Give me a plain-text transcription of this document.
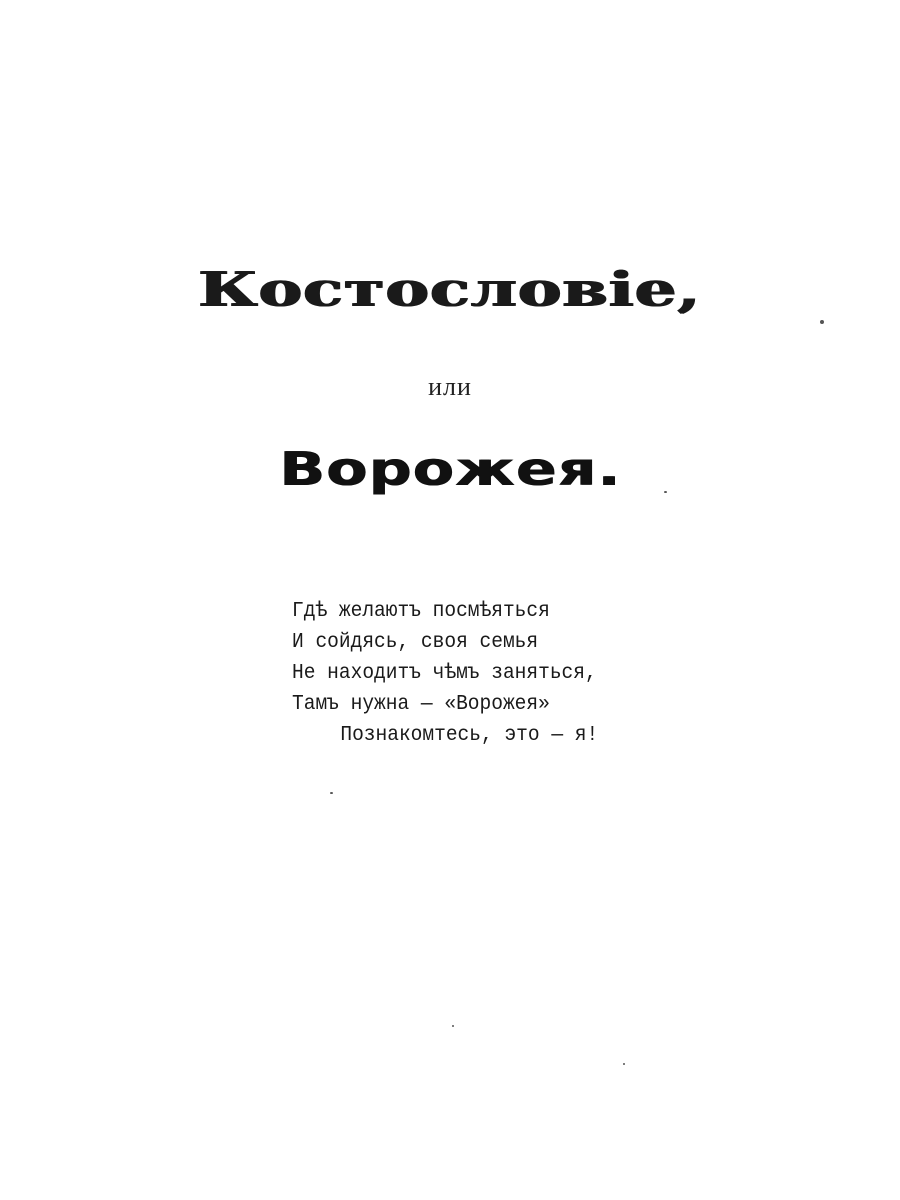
Костословіе,
или
Ворожея.
Гдѣ желаютъ посмѣяться
И сойдясь, своя семья
Не находитъ чѣмъ заняться,
Тамъ нужна — «Ворожея»
Познакомтесь, это — я!
